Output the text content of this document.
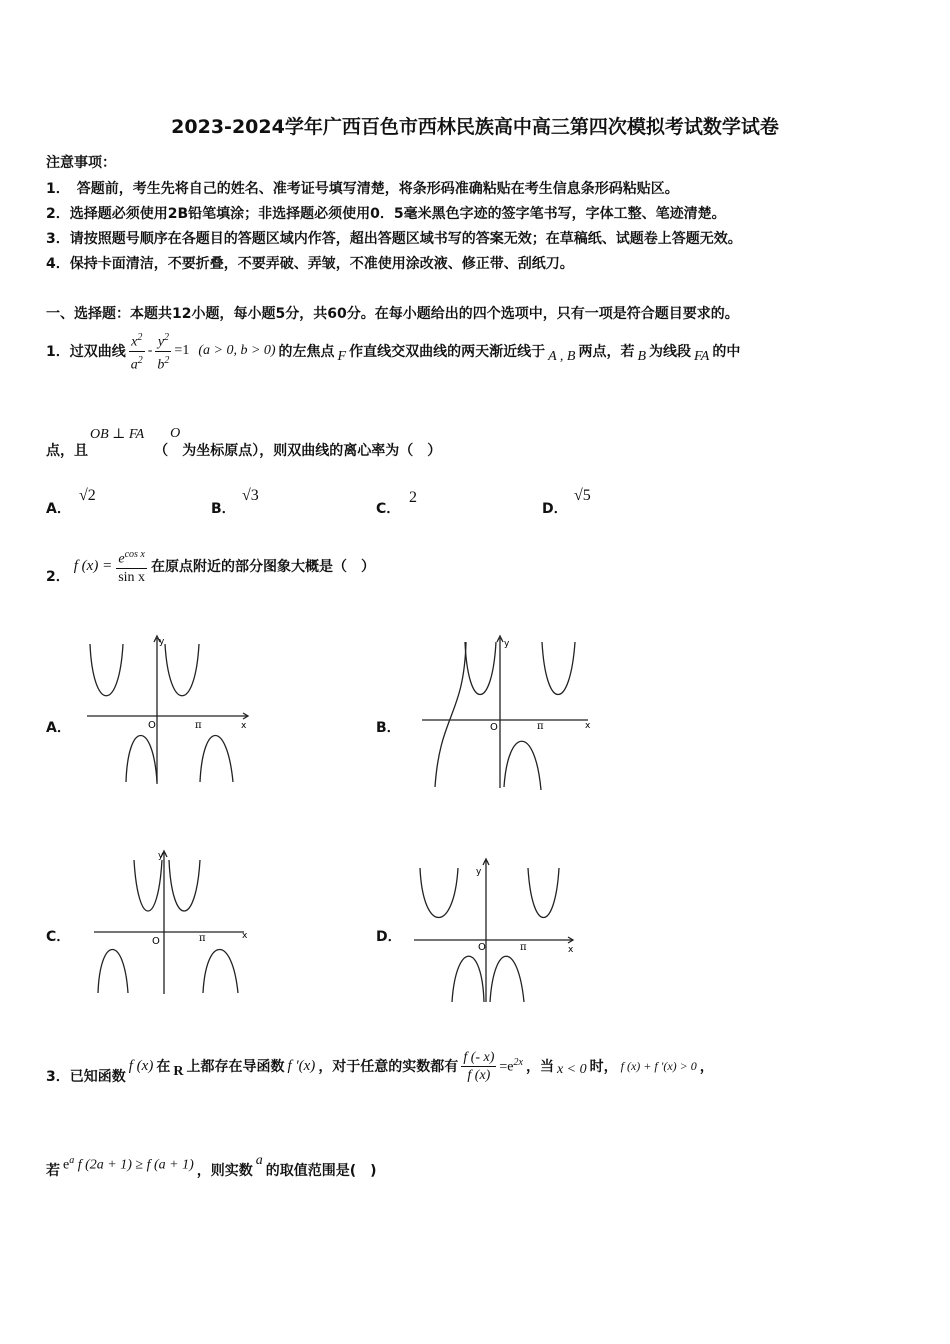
2023-2024学年广西百色市西林民族高中高三第四次模拟考试数学试卷
注意事项：
1．　答题前，考生先将自己的姓名、准考证号填写清楚，将条形码准确粘贴在考生信息条形码粘贴区。
2．选择题必须使用2B铅笔填涂；非选择题必须使用0．5毫米黑色字迹的签字笔书写，字体工整、笔迹清楚。
3．请按照题号顺序在各题目的答题区域内作答，超出答题区域书写的答案无效；在草稿纸、试题卷上答题无效。
4．保持卡面清洁，不要折叠，不要弄破、弄皱，不准使用涂改液、修正带、刮纸刀。
一、选择题：本题共12小题，每小题5分，共60分。在每小题给出的四个选项中，只有一项是符合题目要求的。
1．过双曲线 $\frac{x^2}{a^2} - \frac{y^2}{b^2} =1$ (a > 0, b > 0) 的左焦点 F 作直线交双曲线的两天渐近线于 A , B 两点，若 B 为线段 FA 的中
点，且
OB ⊥ FA
（
O
为坐标原点），则双曲线的离心率为（　）
A．
√2
B．
√3
C．
2
D．
√5
2．
f $(x) = \frac{e^{cos x}}{\text{sin x}}$ 在原点附近的部分图象大概是（　）
A．	B．
C．	D．
y
x
O	π
y
x
O	π
y
x
O	π
y
x
O	π
3．已知函数
f (x) 在 R 上都存在导函数 f ′(x) ，对于任意的实数都有 $\frac{f (- x)}{f (x)} =e^{2x}$ ，当 x < 0 时， f (x) + f ′(x) > 0 ，
若 $e^a$ f (2a + 1) ≥ f (a + 1) ，则实数
a
的取值范围是(　)
